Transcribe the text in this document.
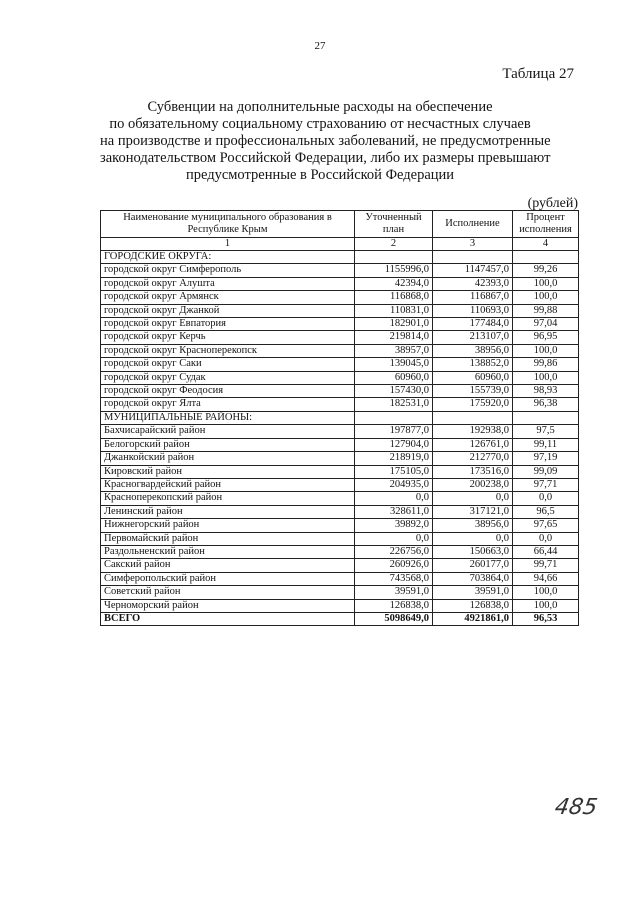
27
Таблица 27
Субвенции на дополнительные расходы на обеспечение
по обязательному социальному страхованию от несчастных случаев
на производстве и профессиональных заболеваний, не предусмотренные
законодательством Российской Федерации, либо их размеры превышают
предусмотренные в Российской Федерации
(рублей)
Наименование муниципального образования в Республике Крым	Уточненный план	Исполнение	Процент исполнения
1	2	3	4
ГОРОДСКИЕ ОКРУГА:			
городской округ Симферополь	1155996,0	1147457,0	99,26
городской округ Алушта	42394,0	42393,0	100,0
городской округ Армянск	116868,0	116867,0	100,0
городской округ Джанкой	110831,0	110693,0	99,88
городской округ Евпатория	182901,0	177484,0	97,04
городской округ Керчь	219814,0	213107,0	96,95
городской округ Красноперекопск	38957,0	38956,0	100,0
городской округ Саки	139045,0	138852,0	99,86
городской округ Судак	60960,0	60960,0	100,0
городской округ Феодосия	157430,0	155739,0	98,93
городской округ Ялта	182531,0	175920,0	96,38
МУНИЦИПАЛЬНЫЕ РАЙОНЫ:			
Бахчисарайский район	197877,0	192938,0	97,5
Белогорский район	127904,0	126761,0	99,11
Джанкойский район	218919,0	212770,0	97,19
Кировский район	175105,0	173516,0	99,09
Красногвардейский район	204935,0	200238,0	97,71
Красноперекопский район	0,0	0,0	0,0
Ленинский район	328611,0	317121,0	96,5
Нижнегорский район	39892,0	38956,0	97,65
Первомайский район	0,0	0,0	0,0
Раздольненский район	226756,0	150663,0	66,44
Сакский район	260926,0	260177,0	99,71
Симферопольский район	743568,0	703864,0	94,66
Советский район	39591,0	39591,0	100,0
Черноморский район	126838,0	126838,0	100,0
ВСЕГО	5098649,0	4921861,0	96,53
485
